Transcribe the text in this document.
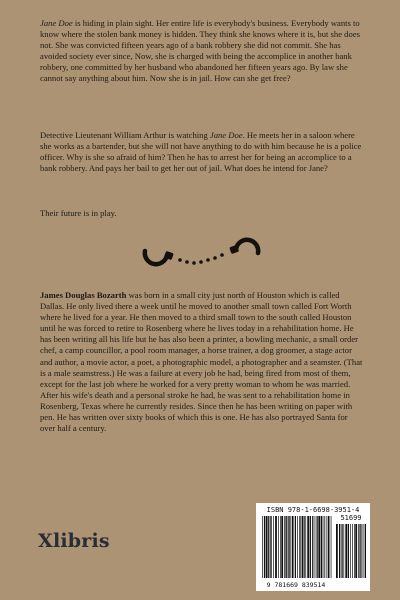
Jane Doe is hiding in plain sight. Her entire life is everybody's business. Everybody wants to know where the stolen bank money is hidden. They think she knows where it is, but she does not. She was convicted fifteen years ago of a bank robbery she did not commit. She has avoided society ever since, Now, she is charged with being the accomplice in another bank robbery, one committed by her husband who abandoned her fifteen years ago. By law she cannot say anything about him. Now she is in jail. How can she get free?

Detective Lieutenant William Arthur is watching Jane Doe. He meets her in a saloon where she works as a bartender, but she will not have anything to do with him because he is a police officer. Why is she so afraid of him? Then he has to arrest her for being an accomplice to a bank robbery. And pays her bail to get her out of jail. What does he intend for Jane?

Their future is in play.

James Douglas Bozarth was born in a small city just north of Houston which is called Dallas. He only lived there a week until he moved to another small town called Fort Worth where he lived for a year. He then moved to a third small town to the south called Houston until he was forced to retire to Rosenberg where he lives today in a rehabilitation home. He has been writing all his life but he has also been a printer, a bowling mechanic, a small order chef, a camp councillor, a pool room manager, a horse trainer, a dog groomer, a stage actor and author, a movie actor, a poet, a photographic model, a photographer and a seamster. (That is a male seamstress.) He was a failure at every job he had, being fired from most of them, except for the last job where he worked for a very pretty woman to whom he was married. After his wife's death and a personal stroke he had, he was sent to a rehabilitation home in Rosenberg, Texas where he currently resides. Since then he has been writing on paper with pen. He has written over sixty books of which this is one. He has also portrayed Santa for over half a century.

Xlibris
ISBN 978-1-6698-3951-4
51699
9 781669 839514
